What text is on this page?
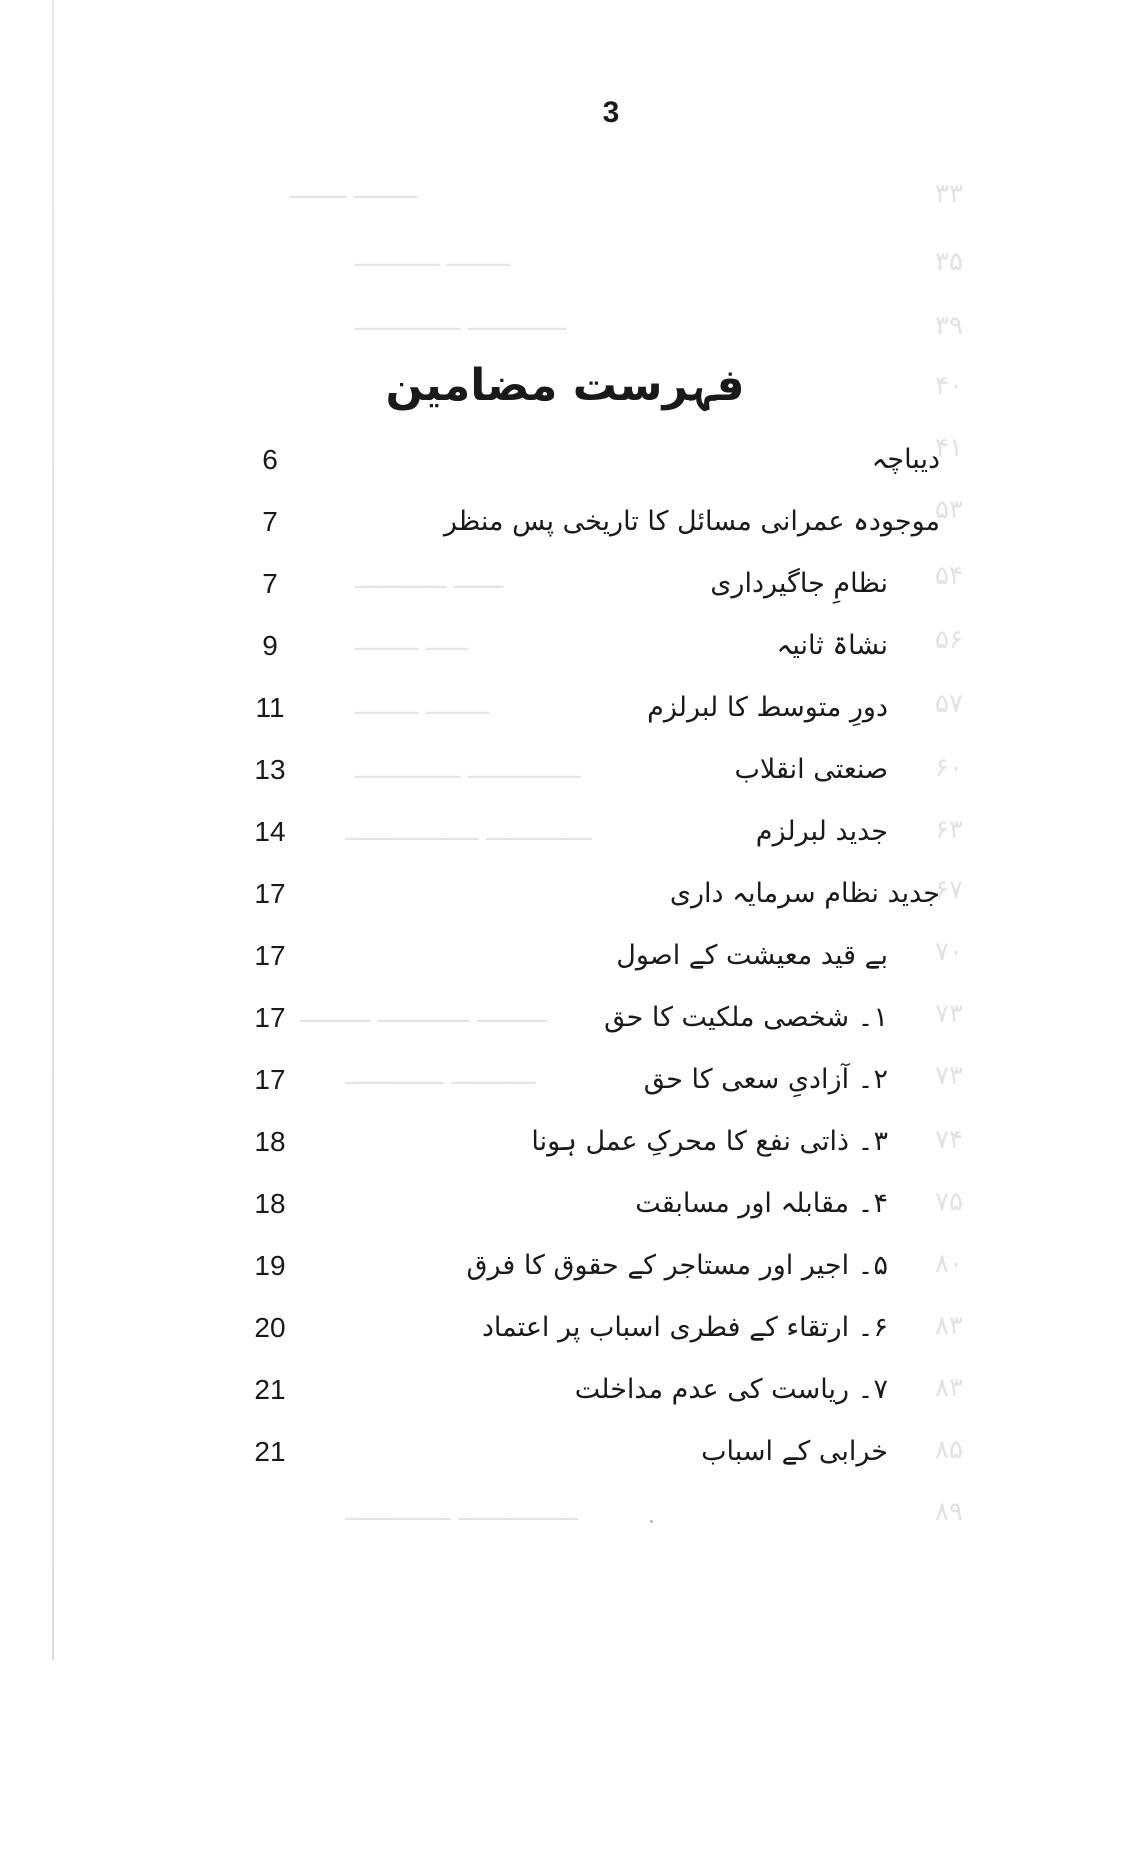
۳۳
۳۵
۳۹
۴۰
۴۱
۵۳
۵۴
۵۶
۵۷
۶۰
۶۳
۶۷
۷۰
۷۳
۷۳
۷۴
۷۵
۸۰
۸۳
۸۳
۸۵
۸۹
ـــــــــ ــــــــ
ـــــــــ ــــــــــــ
ــــــــــــــ ـــــــــــــــ
ـــــــ ـــــــــــــ
ــــــ ـــــــــ
ـــــــــ ـــــــــ
ــــــــــــــــ ـــــــــــــــ
ـــــــــــــــ ـــــــــــــــــــ
ــــــــــ ـــــــــــــ ــــــــــ
ــــــــــــ ــــــــــــــ
ـــــــــــــــــ ـــــــــــــــ
3
فہرست مضامین
6	دیباچہ
7	موجودہ عمرانی مسائل کا تاریخی پس منظر
7	نظامِ جاگیرداری
9	نشاۃ ثانیہ
11	دورِ متوسط کا لبرلزم
13	صنعتی انقلاب
14	جدید لبرلزم
17	جدید نظام سرمایہ داری
17	بے قید معیشت کے اصول
17	۱۔ شخصی ملکیت کا حق
17	۲۔ آزادیِ سعی کا حق
18	۳۔ ذاتی نفع کا محرکِ عمل ہونا
18	۴۔ مقابلہ اور مسابقت
19	۵۔ اجیر اور مستاجر کے حقوق کا فرق
20	۶۔ ارتقاء کے فطری اسباب پر اعتماد
21	۷۔ ریاست کی عدم مداخلت
21	خرابی کے اسباب
